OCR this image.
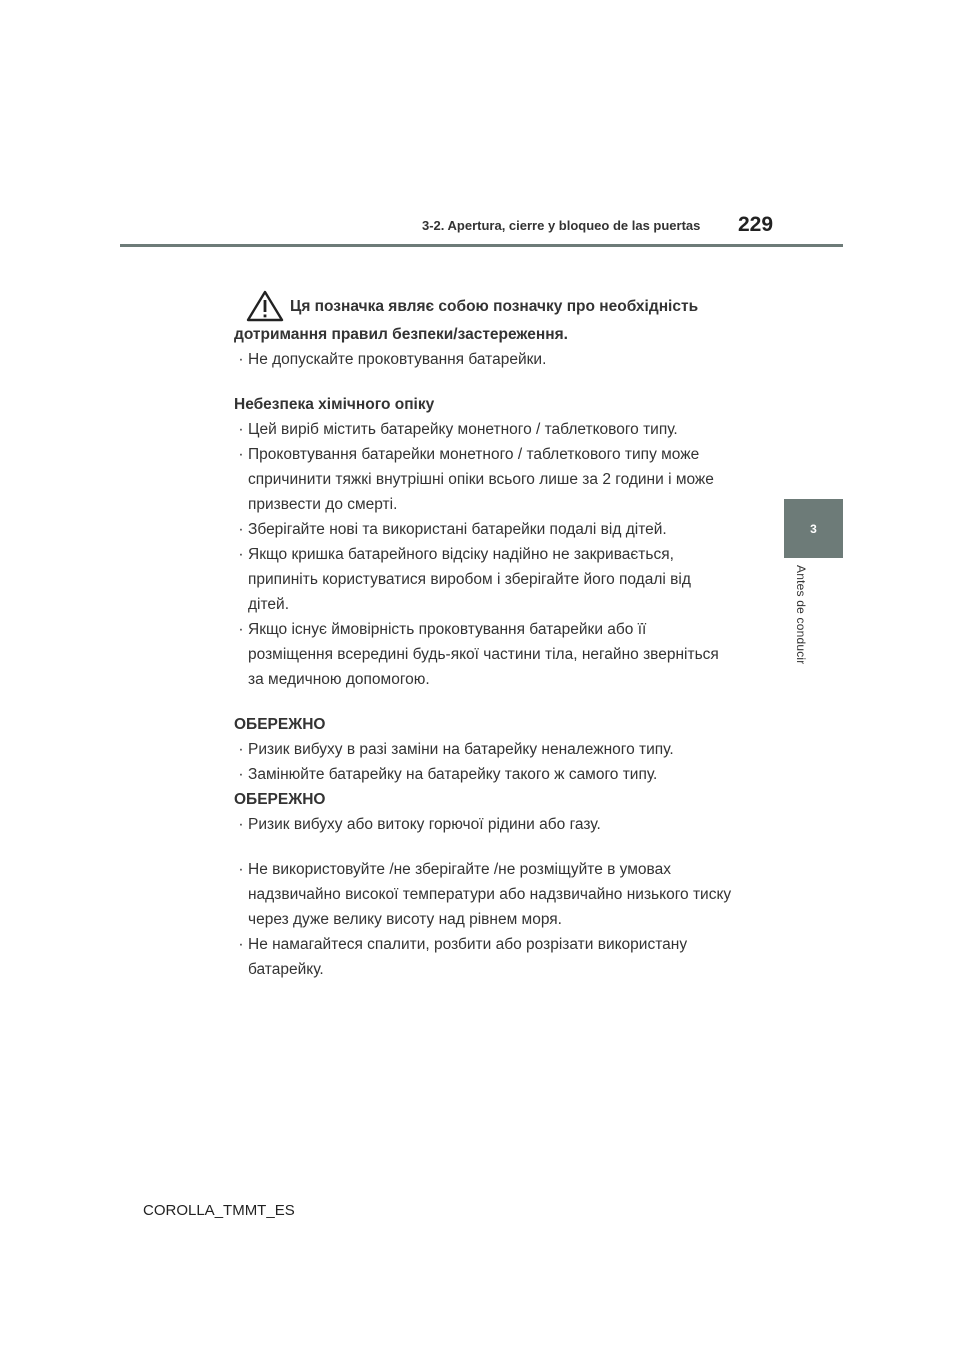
3-2. Apertura, cierre y bloqueo de las puertas 229
3
Antes de conducir
Ця позначка являє собою позначку про необхідність
дотримання правил безпеки/застереження.
· Не допускайте проковтування батарейки.
Небезпека хімічного опіку
· Цей виріб містить батарейку монетного / таблеткового типу.
· Проковтування батарейки монетного / таблеткового типу може спричинити тяжкі внутрішні опіки всього лише за 2 години і може призвести до смерті.
· Зберігайте нові та використані батарейки подалі від дітей.
· Якщо кришка батарейного відсіку надійно не закривається, припиніть користуватися виробом і зберігайте його подалі від дітей.
· Якщо існує ймовірність проковтування батарейки або її розміщення всередині будь-якої частини тіла, негайно зверніться за медичною допомогою.
ОБЕРЕЖНО
· Ризик вибуху в разі заміни на батарейку неналежного типу.
· Замінюйте батарейку на батарейку такого ж самого типу.
ОБЕРЕЖНО
· Ризик вибуху або витоку горючої рідини або газу.
· Не використовуйте /не зберігайте /не розміщуйте в умовах надзвичайно високої температури або надзвичайно низького тиску через дуже велику висоту над рівнем моря.
· Не намагайтеся спалити, розбити або розрізати використану батарейку.
COROLLA_TMMT_ES
